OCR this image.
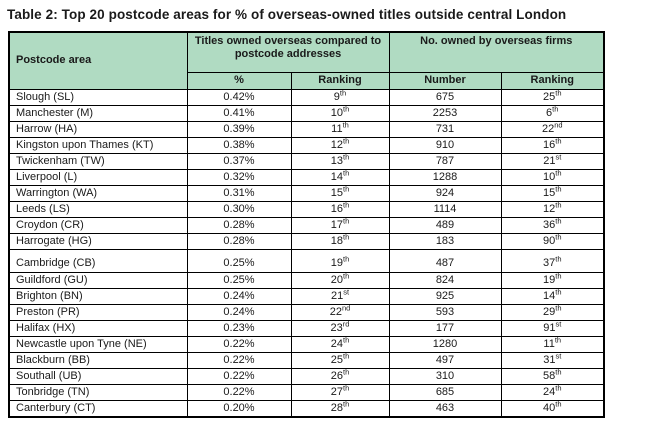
Table 2: Top 20 postcode areas for % of overseas-owned titles outside central London
Postcode area	Titles owned overseas compared to postcode addresses		No. owned by overseas firms	
	%	Ranking	Number	Ranking
Slough (SL)	0.42%	9th	675	25th
Manchester (M)	0.41%	10th	2253	6th
Harrow (HA)	0.39%	11th	731	22nd
Kingston upon Thames (KT)	0.38%	12th	910	16th
Twickenham (TW)	0.37%	13th	787	21st
Liverpool (L)	0.32%	14th	1288	10th
Warrington (WA)	0.31%	15th	924	15th
Leeds (LS)	0.30%	16th	1114	12th
Croydon (CR)	0.28%	17th	489	36th
Harrogate (HG)	0.28%	18th	183	90th
Cambridge (CB)	0.25%	19th	487	37th
Guildford (GU)	0.25%	20th	824	19th
Brighton (BN)	0.24%	21st	925	14th
Preston (PR)	0.24%	22nd	593	29th
Halifax (HX)	0.23%	23rd	177	91st
Newcastle upon Tyne (NE)	0.22%	24th	1280	11th
Blackburn (BB)	0.22%	25th	497	31st
Southall (UB)	0.22%	26th	310	58th
Tonbridge (TN)	0.22%	27th	685	24th
Canterbury (CT)	0.20%	28th	463	40th
